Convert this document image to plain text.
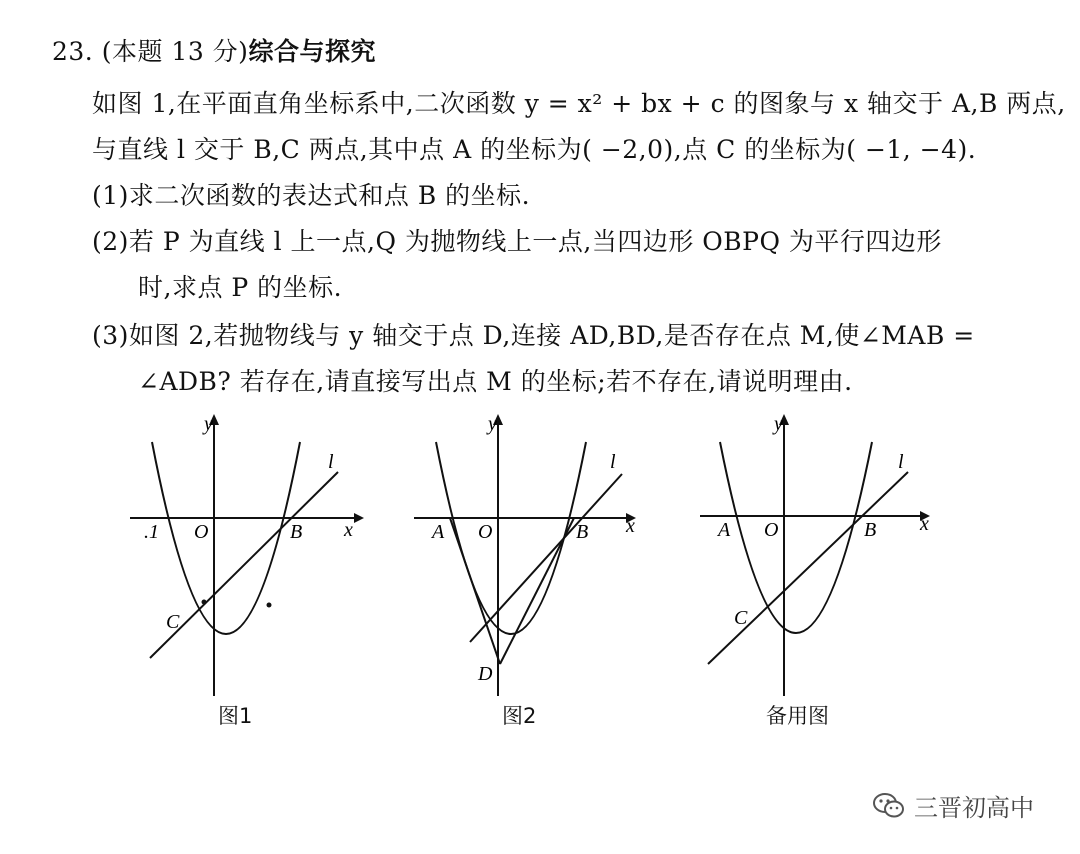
23. (本题 13 分)综合与探究
如图 1,在平面直角坐标系中,二次函数 y = x² + bx + c 的图象与 x 轴交于 A,B 两点,
与直线 l 交于 B,C 两点,其中点 A 的坐标为( −2,0),点 C 的坐标为( −1, −4).
(1)求二次函数的表达式和点 B 的坐标.
(2)若 P 为直线 l 上一点,Q 为抛物线上一点,当四边形 OBPQ 为平行四边形
时,求点 P 的坐标.
(3)如图 2,若抛物线与 y 轴交于点 D,连接 AD,BD,是否存在点 M,使∠MAB =
∠ADB? 若存在,请直接写出点 M 的坐标;若不存在,请说明理由.
y
x
O
.1	B
C
l
图1
y
x
O
A	B
D
l
图2
y
x
O
A	B
C
l
备用图
三晋初高中
